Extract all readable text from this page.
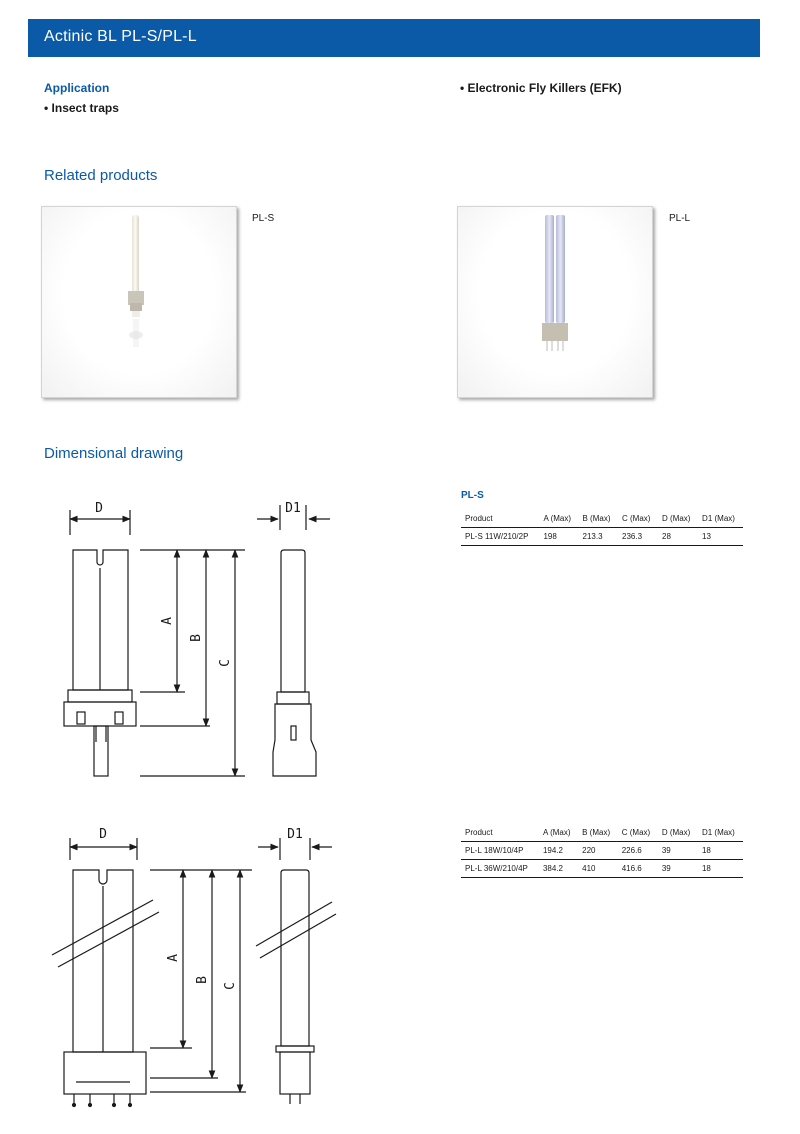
Actinic BL PL-S/PL-L
Application
• Insect traps
• Electronic Fly Killers (EFK)
Related products
PL-S	PL-L
Dimensional drawing
D	D1
A
B
C
D	D1
A
B
C
PL-S
Product	A (Max)	B (Max)	C (Max)	D (Max)	D1 (Max)
PL-S 11W/210/2P	198	213.3	236.3	28	13
Product	A (Max)	B (Max)	C (Max)	D (Max)	D1 (Max)
PL-L 18W/10/4P	194.2	220	226.6	39	18
PL-L 36W/210/4P	384.2	410	416.6	39	18
